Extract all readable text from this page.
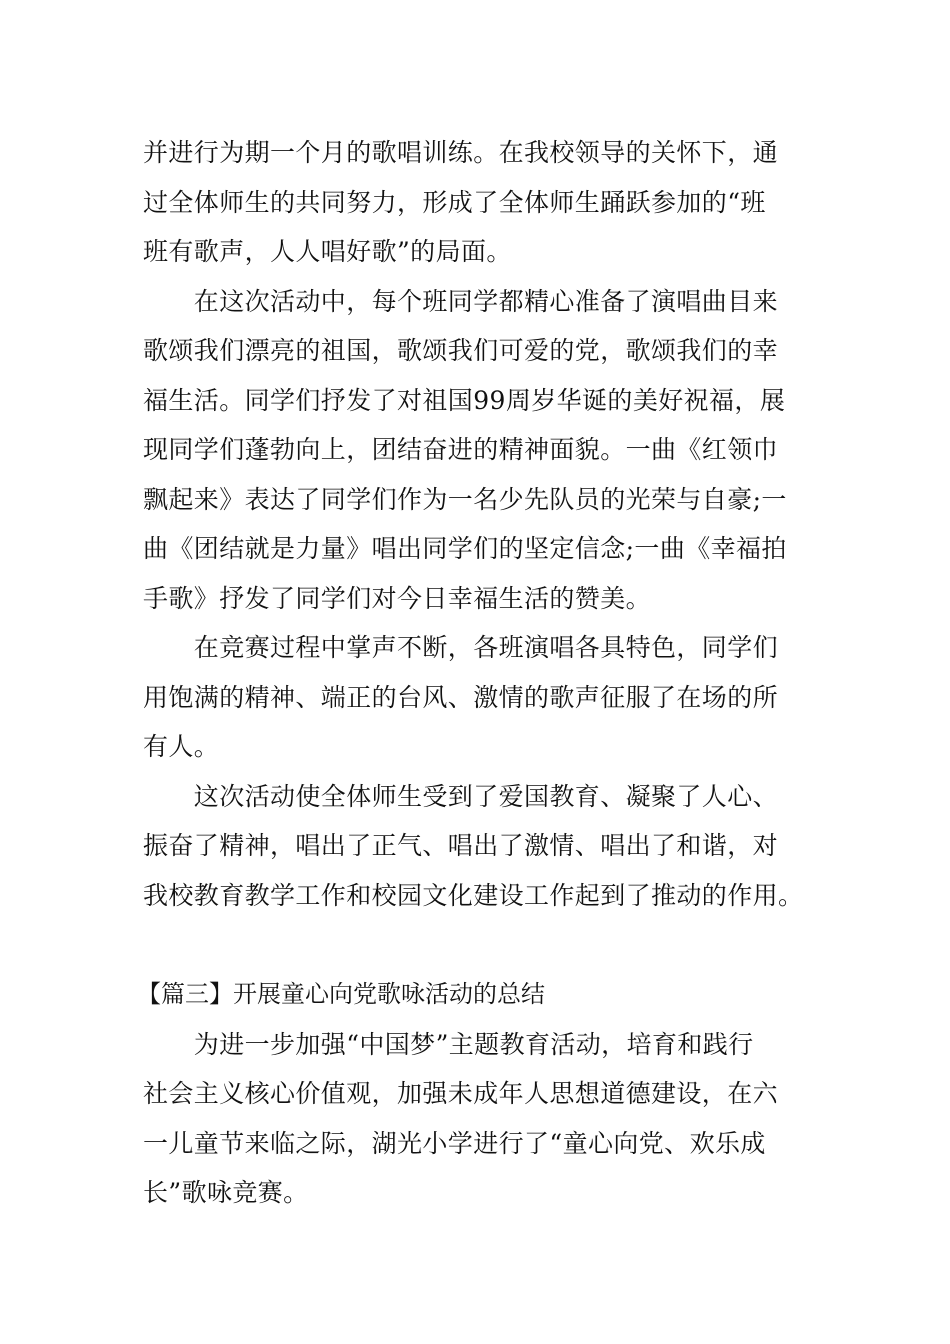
并进行为期一个月的歌唱训练。在我校领导的关怀下，通
过全体师生的共同努力，形成了全体师生踊跃参加的“班
班有歌声，人人唱好歌”的局面。
　　在这次活动中，每个班同学都精心准备了演唱曲目来
歌颂我们漂亮的祖国，歌颂我们可爱的党，歌颂我们的幸
福生活。同学们抒发了对祖国99周岁华诞的美好祝福，展
现同学们蓬勃向上，团结奋进的精神面貌。一曲《红领巾
飘起来》表达了同学们作为一名少先队员的光荣与自豪;一
曲《团结就是力量》唱出同学们的坚定信念;一曲《幸福拍
手歌》抒发了同学们对今日幸福生活的赞美。
　　在竞赛过程中掌声不断，各班演唱各具特色，同学们
用饱满的精神、端正的台风、激情的歌声征服了在场的所
有人。
　　这次活动使全体师生受到了爱国教育、凝聚了人心、
振奋了精神，唱出了正气、唱出了激情、唱出了和谐，对
我校教育教学工作和校园文化建设工作起到了推动的作用。
【篇三】开展童心向党歌咏活动的总结
　　为进一步加强“中国梦”主题教育活动，培育和践行
社会主义核心价值观，加强未成年人思想道德建设，在六
一儿童节来临之际，湖光小学进行了“童心向党、欢乐成
长”歌咏竞赛。
